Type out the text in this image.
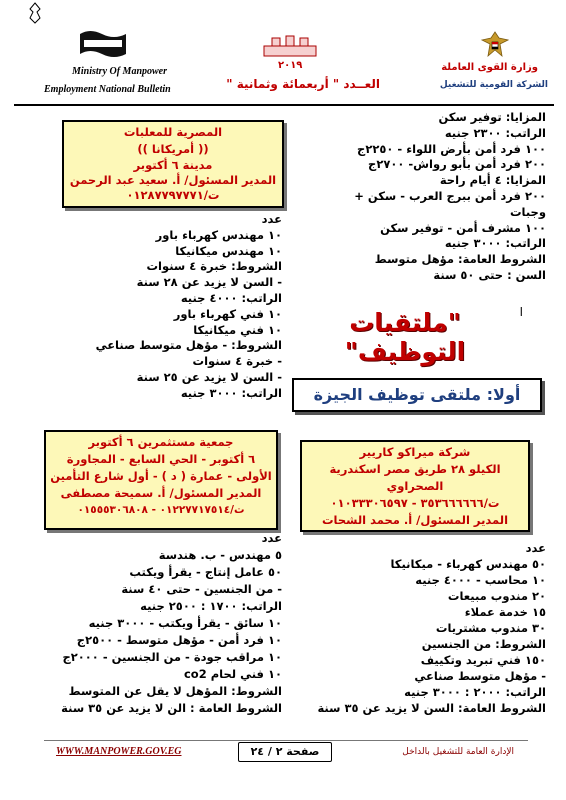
Ministry Of Manpower
Employment National Bulletin
٢٠١٩
العــدد " أربعمائة وثمانية "
وزارة القوى العاملة
الشركة القومية للتشغيل
المزايا: توفير سكن
الراتب: ٢٣٠٠ جنيه
١٠٠ فرد أمن بأرض اللواء - ٢٢٥٠ج
٢٠٠ فرد أمن بأبو رواش- ٢٧٠٠ج
المزايا: ٤ أيام راحة
٢٠٠ فرد أمن ببرج العرب - سكن +
وجبات
١٠٠ مشرف أمن - توفير سكن
الراتب: ٣٠٠٠ جنيه
الشروط العامة: مؤهل متوسط
السن : حتى ٥٠ سنة
ا
"ملتقيات التوظيف"
أولا: ملتقى توظيف الجيزة
المصرية للمعلبات
(( أمريكانا ))
مدينة ٦ أكتوبر
المدير المسئول/ أ. سعيد عبد الرحمن
ت/٠١٢٨٧٧٩٧٧٧١
عدد
١٠ مهندس كهرباء باور
١٠ مهندس ميكانيكا
الشروط: خبرة ٤ سنوات
- السن لا يزيد عن ٢٨ سنة
الراتب: ٤٠٠٠ جنيه
١٠ فني كهرباء باور
١٠ فني ميكانيكا
الشروط: - مؤهل متوسط صناعي
- خبرة ٤ سنوات
- السن لا يزيد عن ٢٥ سنة
الراتب: ٣٠٠٠ جنيه
شركة ميراكو كاريير
الكيلو ٢٨ طريق مصر اسكندرية
الصحراوي
ت/٣٥٣٦٦٦٦٦٦ - ٠١٠٣٣٣٠٦٥٩٧
المدير المسئول/ أ. محمد الشحات
جمعية مستثمرين ٦ أكتوبر
٦ أكتوبر - الحي السابع - المجاورة
الأولى - عمارة ( د ) - أول شارع التأمين
المدير المسئول/ أ. سميحة مصطفى
ت/٠١٢٢٧٧١٧٥١٤ - ٠١٥٥٥٣٠٦٨٠٨
عدد
٥٠ مهندس كهرباء - ميكانيكا
١٠ محاسب - ٤٠٠٠ جنيه
٢٠ مندوب مبيعات
١٥ خدمة عملاء
٣٠ مندوب مشتريات
الشروط: من الجنسين
١٥٠ فني تبريد وتكييف
- مؤهل متوسط صناعي
الراتب: ٢٠٠٠ : ٣٠٠٠ جنيه
الشروط العامة: السن لا يزيد عن ٣٥ سنة
عدد
٥ مهندس - ب. هندسة
٥٠ عامل إنتاج - يقرأ ويكتب
- من الجنسين - حتى ٤٠ سنة
الراتب: ١٧٠٠ : ٢٥٠٠ جنيه
١٠ سائق - يقرأ ويكتب - ٣٠٠٠ جنيه
١٠ فرد أمن - مؤهل متوسط - ٢٥٠٠ج
١٠ مراقب جودة - من الجنسين - ٢٠٠٠ج
١٠ فني لحام co2
الشروط: المؤهل لا يقل عن المتوسط
الشروط العامة : الن لا يزيد عن ٣٥ سنة
WWW.MANPOWER.GOV.EG	صفحة ٢ / ٢٤	الإدارة العامة للتشغيل بالداخل
